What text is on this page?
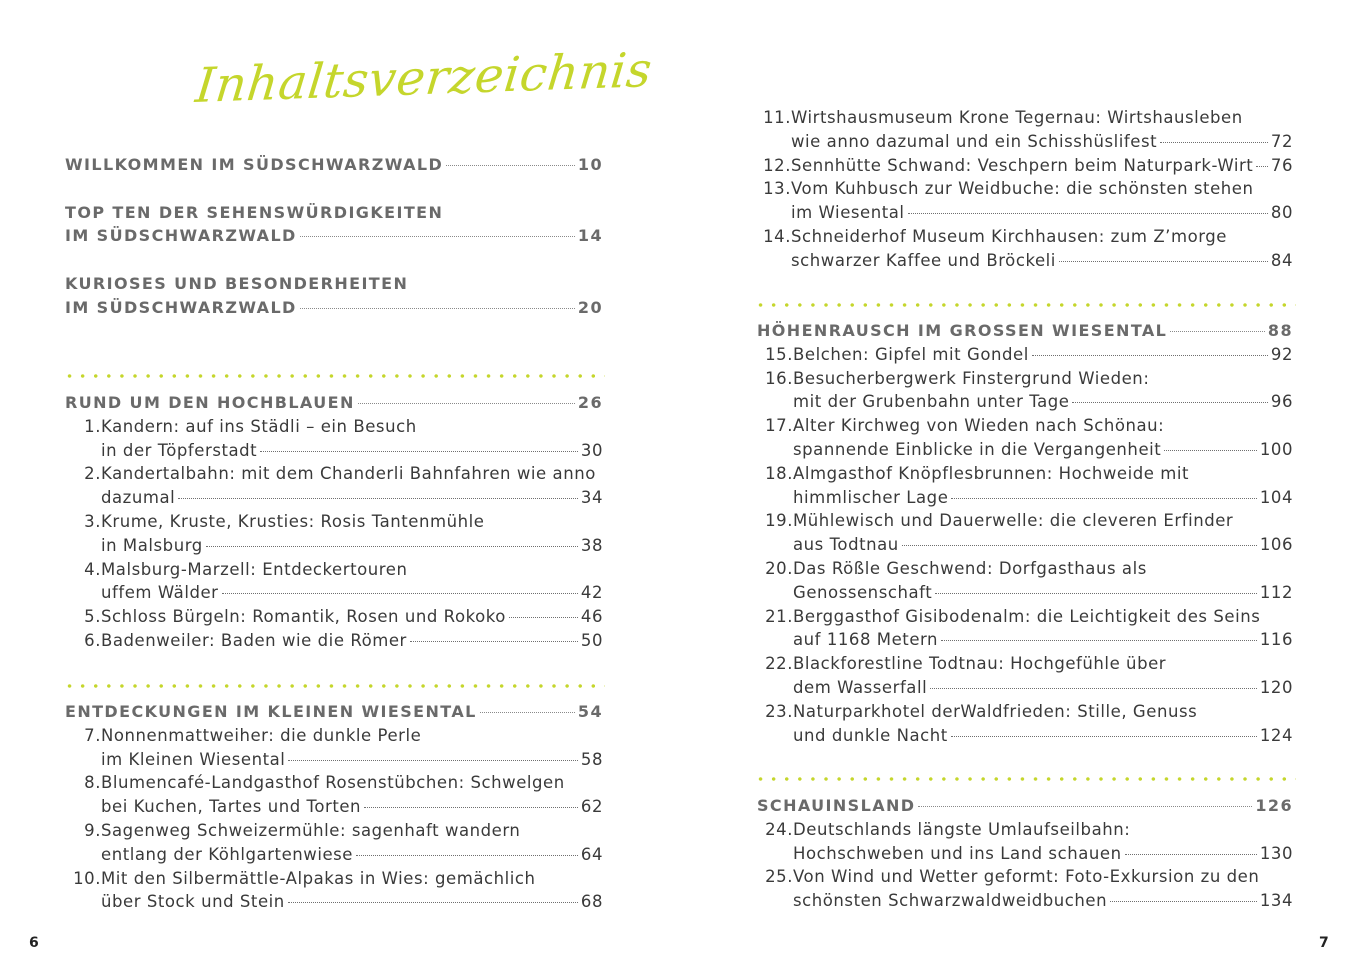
Inhaltsverzeichnis
WILLKOMMEN IM SÜDSCHWARZWALD	10
TOP TEN DER SEHENSWÜRDIGKEITEN
IM SÜDSCHWARZWALD	14
KURIOSES UND BESONDERHEITEN
IM SÜDSCHWARZWALD	20
RUND UM DEN HOCHBLAUEN	26
1. Kandern: auf ins Städli – ein Besuch
in der Töpferstadt	30
2. Kandertalbahn: mit dem Chanderli Bahnfahren wie anno
dazumal	34
3. Krume, Kruste, Krusties: Rosis Tantenmühle
in Malsburg	38
4. Malsburg-Marzell: Entdeckertouren
uffem Wälder	42
5. Schloss Bürgeln: Romantik, Rosen und Rokoko	46
6. Badenweiler: Baden wie die Römer	50
ENTDECKUNGEN IM KLEINEN WIESENTAL	54
7. Nonnenmattweiher: die dunkle Perle
im Kleinen Wiesental	58
8. Blumencafé-Landgasthof Rosenstübchen: Schwelgen
bei Kuchen, Tartes und Torten	62
9. Sagenweg Schweizermühle: sagenhaft wandern
entlang der Köhlgartenwiese	64
10. Mit den Silbermättle-Alpakas in Wies: gemächlich
über Stock und Stein	68
6
11. Wirtshausmuseum Krone Tegernau: Wirtshausleben
wie anno dazumal und ein Schisshüslifest	72
12. Sennhütte Schwand: Veschpern beim Naturpark-Wirt 76
13. Vom Kuhbusch zur Weidbuche: die schönsten stehen
im Wiesental	80
14. Schneiderhof Museum Kirchhausen: zum Z’morge
schwarzer Kaffee und Bröckeli	84
HÖHENRAUSCH IM GROSSEN WIESENTAL	88
15. Belchen: Gipfel mit Gondel	92
16. Besucherbergwerk Finstergrund Wieden:
mit der Grubenbahn unter Tage	96
17. Alter Kirchweg von Wieden nach Schönau:
spannende Einblicke in die Vergangenheit	100
18. Almgasthof Knöpflesbrunnen: Hochweide mit
himmlischer Lage	104
19. Mühlewisch und Dauerwelle: die cleveren Erfinder
aus Todtnau	106
20. Das Rößle Geschwend: Dorfgasthaus als
Genossenschaft	112
21. Berggasthof Gisibodenalm: die Leichtigkeit des Seins
auf 1168 Metern	116
22. Blackforestline Todtnau: Hochgefühle über
dem Wasserfall	120
23. Naturparkhotel derWaldfrieden: Stille, Genuss
und dunkle Nacht	124
SCHAUINSLAND	126
24. Deutschlands längste Umlaufseilbahn:
Hochschweben und ins Land schauen	130
25. Von Wind und Wetter geformt: Foto-Exkursion zu den
schönsten Schwarzwaldweidbuchen	134
7
